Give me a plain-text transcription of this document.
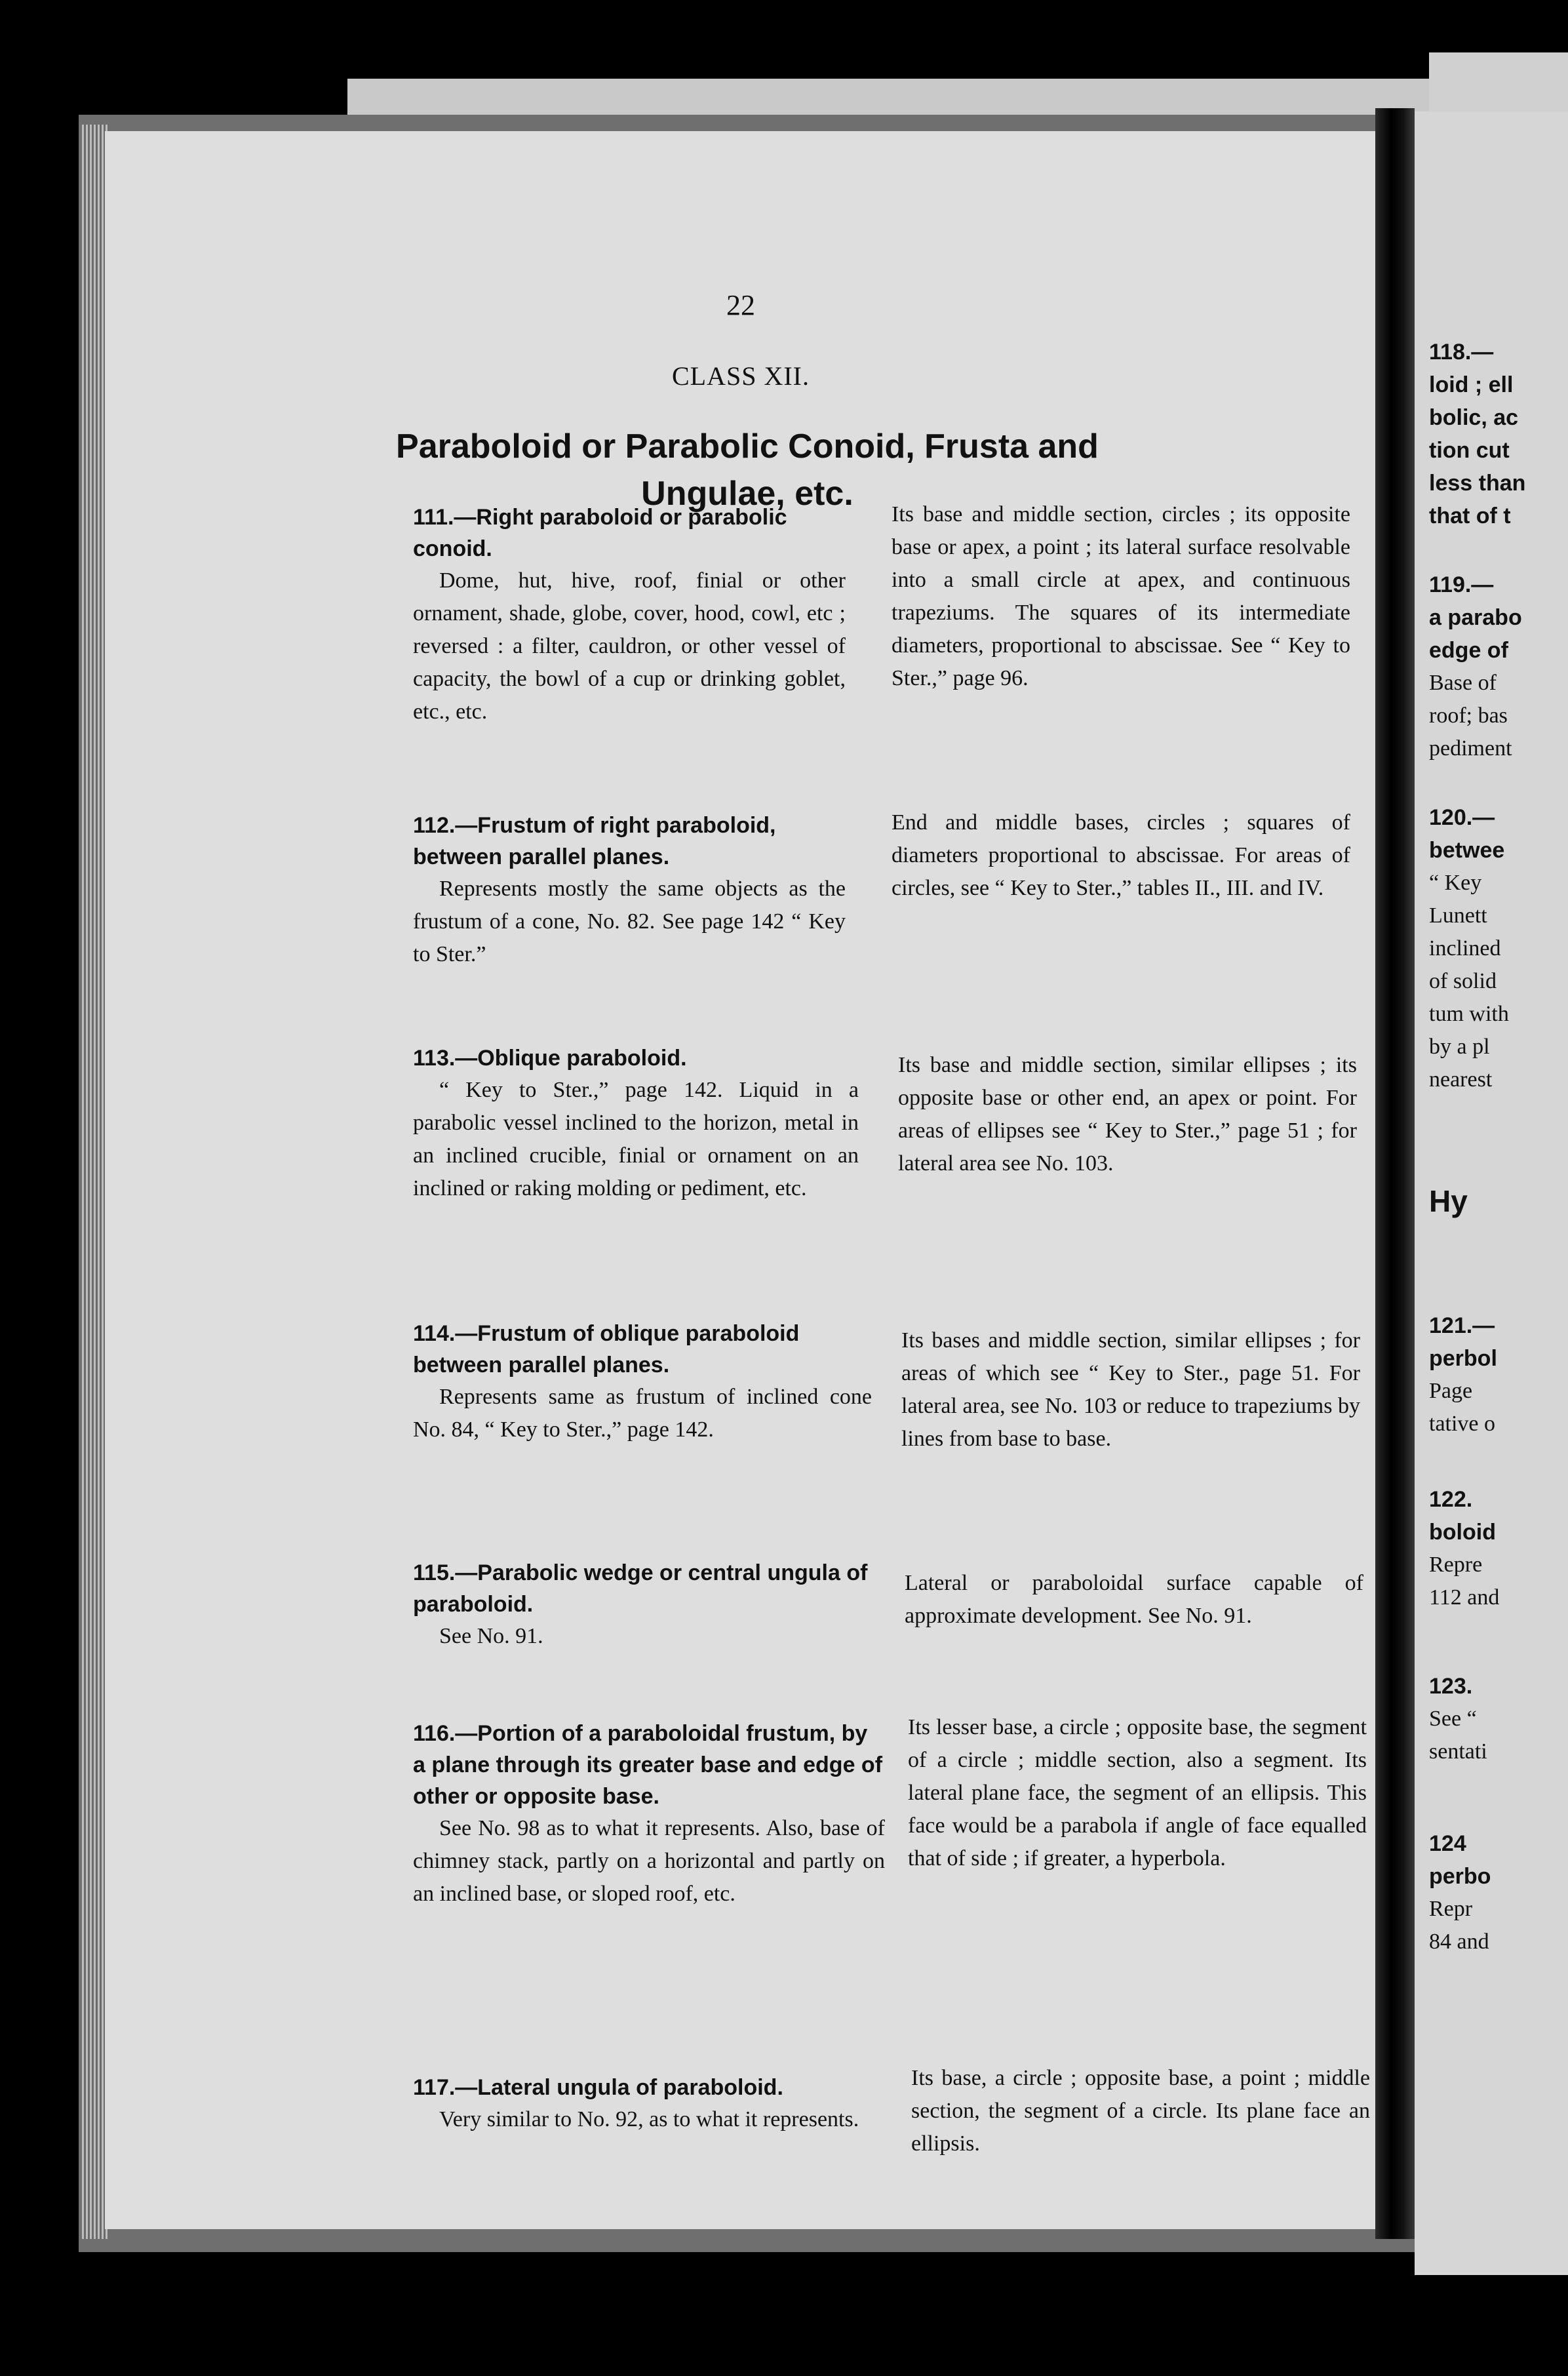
22
CLASS XII.
Paraboloid or Parabolic Conoid, Frusta and
Ungulae, etc.
111.—Right paraboloid or parabolic conoid.
Dome, hut, hive, roof, finial or other ornament, shade, globe, cover, hood, cowl, etc ; reversed : a filter, cauldron, or other vessel of capacity, the bowl of a cup or drinking goblet, etc., etc.
Its base and middle section, circles ; its opposite base or apex, a point ; its lateral surface resolvable into a small circle at apex, and continuous trapeziums. The squares of its intermediate diameters, proportional to abscissae. See “ Key to Ster.,” page 96.
112.—Frustum of right paraboloid, between parallel planes.
Represents mostly the same objects as the frustum of a cone, No. 82. See page 142 “ Key to Ster.”
End and middle bases, circles ; squares of diameters proportional to abscissae. For areas of circles, see “ Key to Ster.,” tables II., III. and IV.
113.—Oblique paraboloid.
“ Key to Ster.,” page 142. Liquid in a parabolic vessel inclined to the horizon, metal in an inclined crucible, finial or ornament on an inclined or raking molding or pediment, etc.
Its base and middle section, similar ellipses ; its opposite base or other end, an apex or point. For areas of ellipses see “ Key to Ster.,” page 51 ; for lateral area see No. 103.
114.—Frustum of oblique paraboloid between parallel planes.
Represents same as frustum of inclined cone No. 84, “ Key to Ster.,” page 142.
Its bases and middle section, similar ellipses ; for areas of which see “ Key to Ster., page 51. For lateral area, see No. 103 or reduce to trapeziums by lines from base to base.
115.—Parabolic wedge or central ungula of paraboloid.
See No. 91.
Lateral or paraboloidal surface capable of approximate development. See No. 91.
116.—Portion of a paraboloidal frustum, by a plane through its greater base and edge of other or opposite base.
See No. 98 as to what it represents. Also, base of chimney stack, partly on a horizontal and partly on an inclined base, or sloped roof, etc.
Its lesser base, a circle ; opposite base, the segment of a circle ; middle section, also a segment. Its lateral plane face, the segment of an ellipsis. This face would be a parabola if angle of face equalled that of side ; if greater, a hyperbola.
117.—Lateral ungula of paraboloid.
Very similar to No. 92, as to what it represents.
Its base, a circle ; opposite base, a point ; middle section, the segment of a circle. Its plane face an ellipsis.
118.—
loid ; ell
bolic, ac
tion cut
less than
that of t
119.—
a parabo
edge of
Base of
roof; bas
pediment
120.—
betwee
“ Key
Lunett
inclined
of solid
tum with
by a pl
nearest
Hy
121.—
perbol
Page
tative o
122.
boloid
Repre
112 and
123.
See “
sentati
124
perbo
Repr
84 and
